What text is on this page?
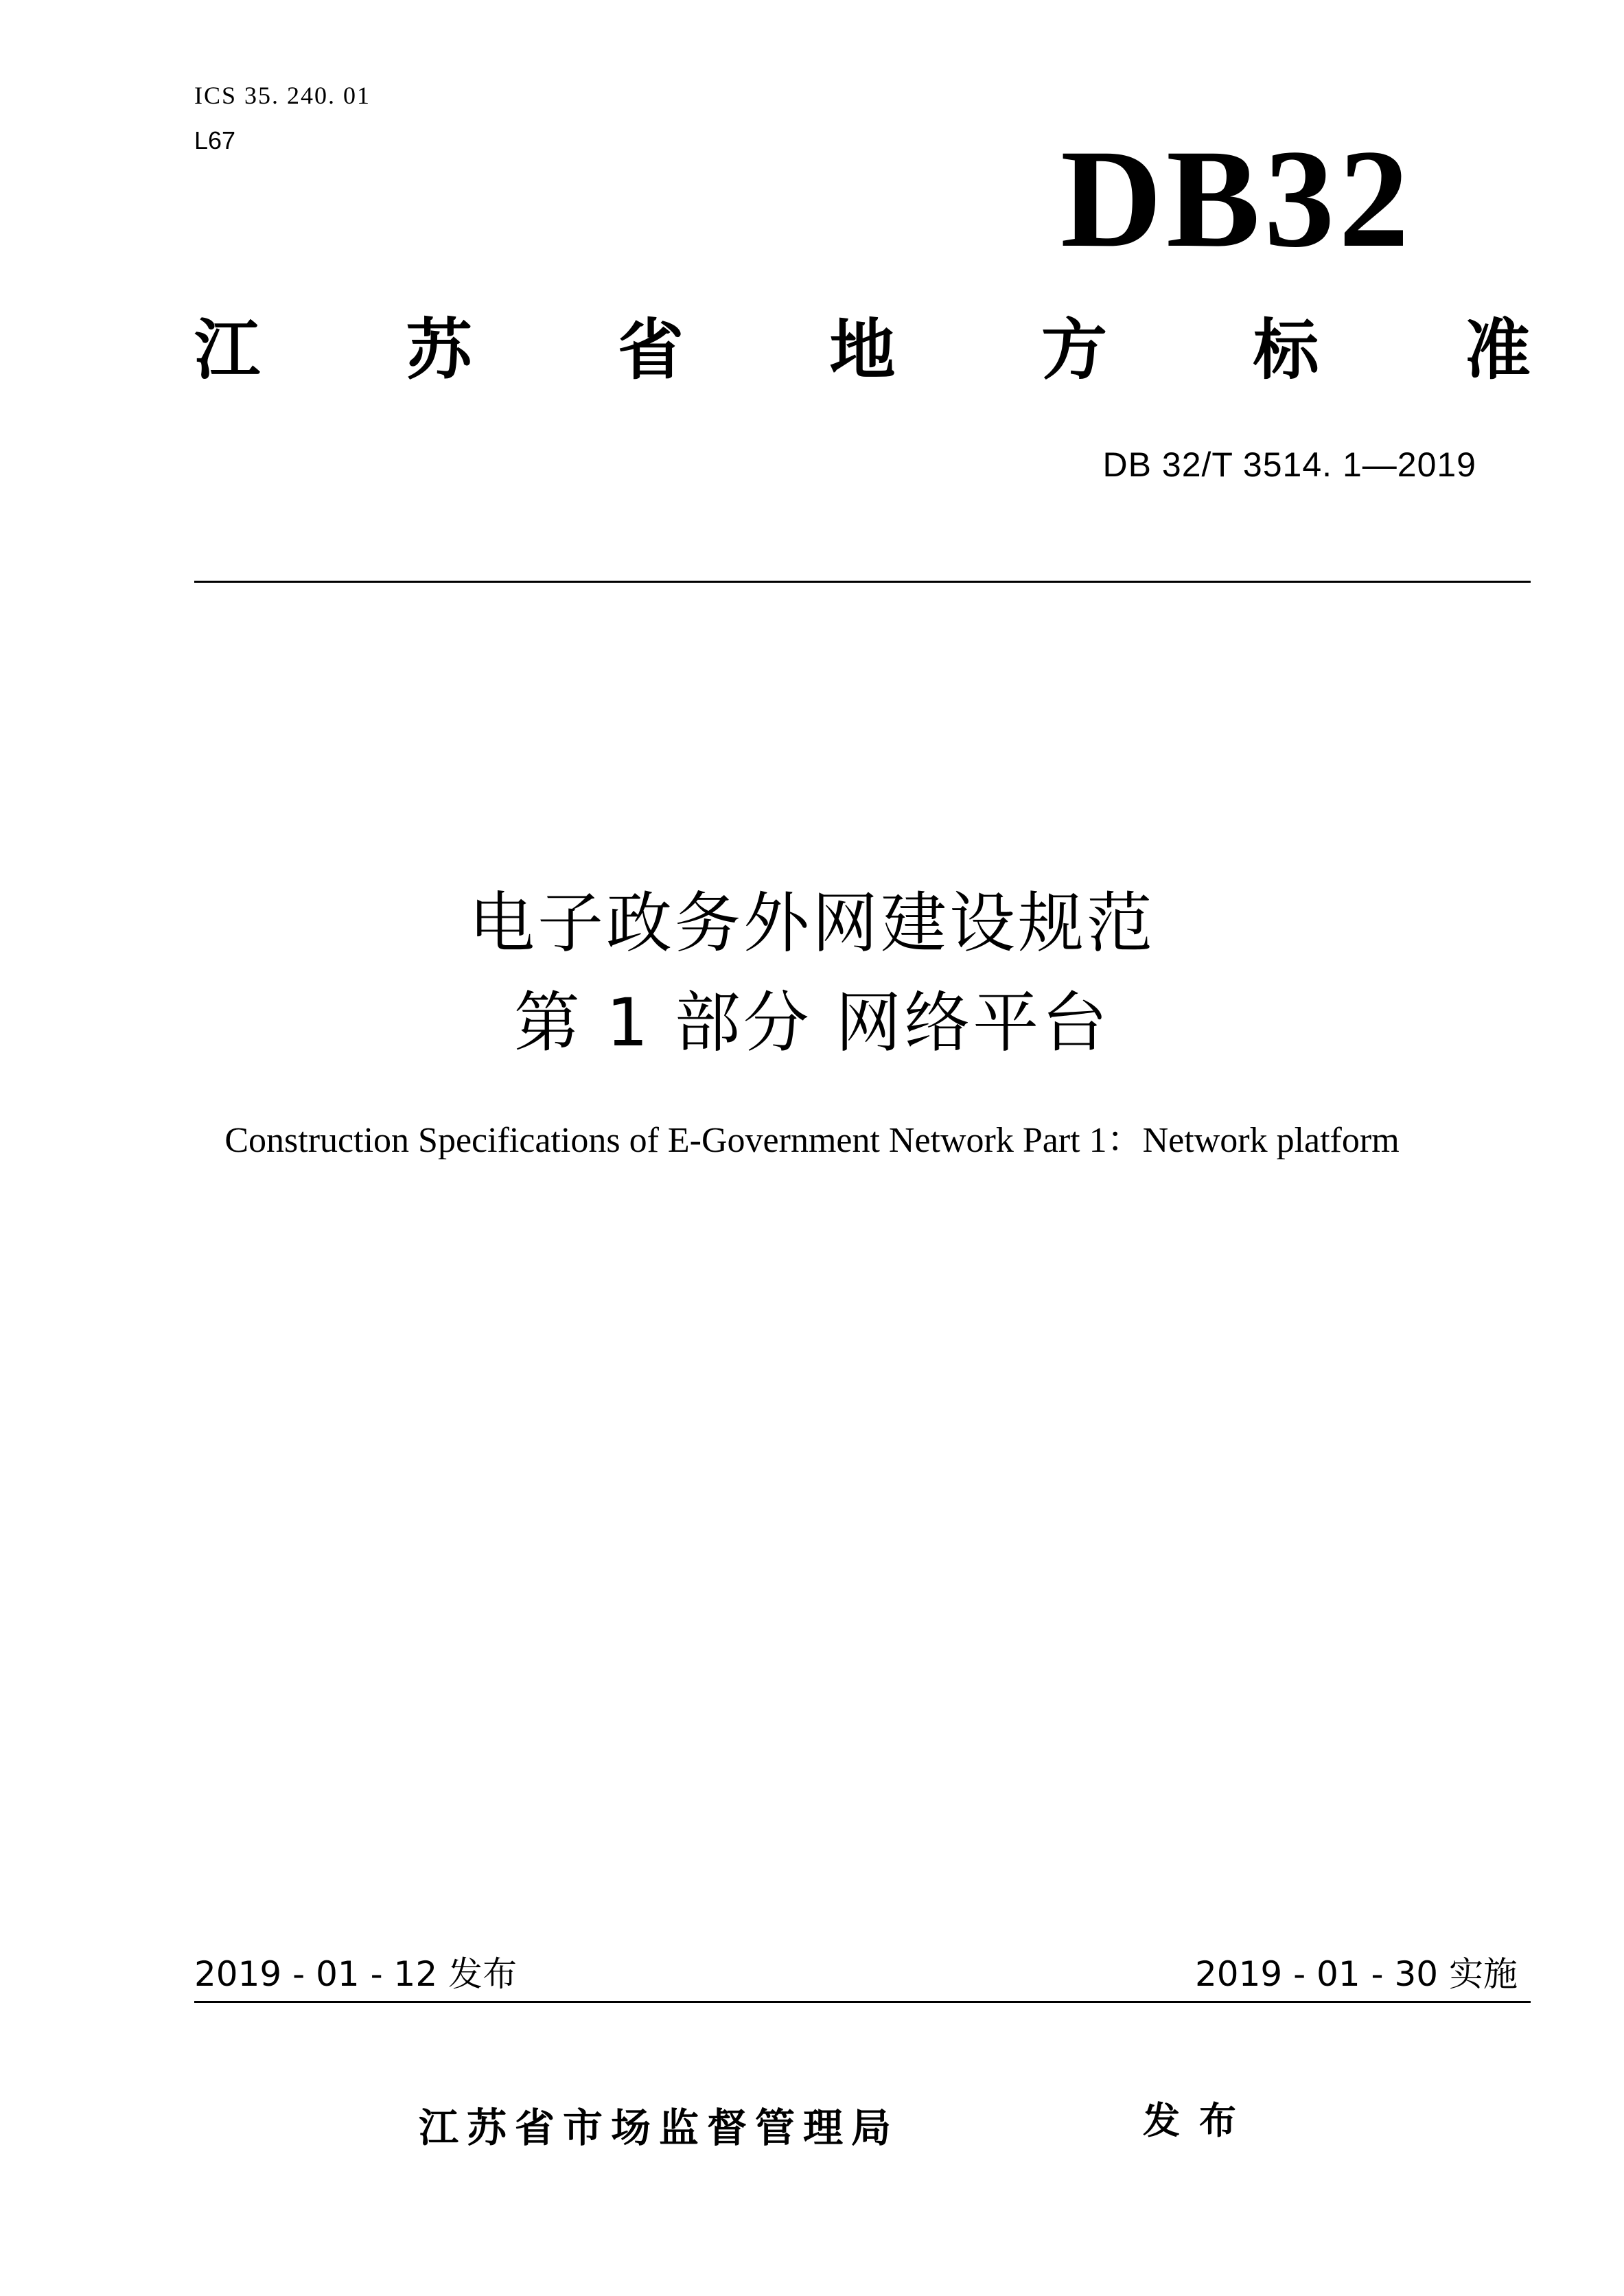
ICS 35. 240. 01
L67	DB32
江 苏 省 地 方 标 准
DB 32/T 3514. 1—2019
电子政务外网建设规范
第 1 部分 网络平台
Construction Specifications of E-Government Network Part 1：Network platform
2019 - 01 - 12 发布	2019 - 01 - 30 实施
江苏省市场监督管理局	发布
